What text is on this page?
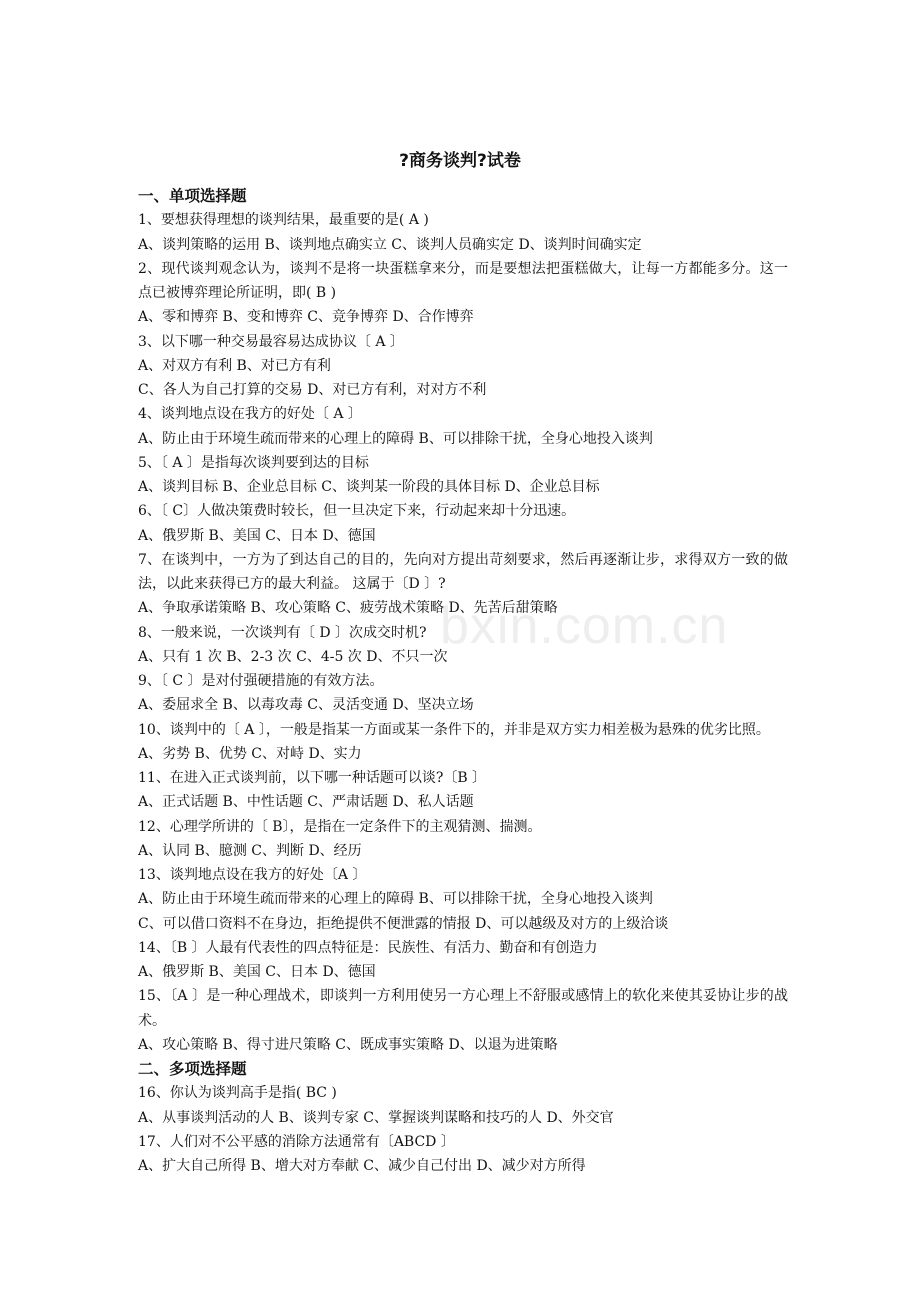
?商务谈判?试卷
bxin.com.cn
一、单项选择题
1、要想获得理想的谈判结果，最重要的是( A )
A、谈判策略的运用 B、谈判地点确实立 C、谈判人员确实定 D、谈判时间确实定
2、现代谈判观念认为，谈判不是将一块蛋糕拿来分，而是要想法把蛋糕做大，让每一方都能多分。这一点已被博弈理论所证明，即( B )
A、零和博弈 B、变和博弈 C、竞争博弈 D、合作博弈
3、以下哪一种交易最容易达成协议〔 A 〕
A、对双方有利 B、对已方有利
C、各人为自己打算的交易 D、对已方有利，对对方不利
4、谈判地点设在我方的好处〔 A 〕
A、防止由于环境生疏而带来的心理上的障碍 B、可以排除干扰，全身心地投入谈判
5、〔 A 〕是指每次谈判要到达的目标
A、谈判目标 B、企业总目标 C、谈判某一阶段的具体目标 D、企业总目标
6、〔 C〕人做决策费时较长，但一旦决定下来，行动起来却十分迅速。
A、俄罗斯 B、美国 C、日本 D、德国
7、在谈判中，一方为了到达自己的目的，先向对方提出苛刻要求，然后再逐渐让步，求得双方一致的做法，以此来获得已方的最大利益。 这属于〔D 〕?
A、争取承诺策略 B、攻心策略 C、疲劳战术策略 D、先苦后甜策略
8、一般来说，一次谈判有〔 D 〕次成交时机?
A、只有 1 次 B、2-3 次 C、4-5 次 D、不只一次
9、〔 C 〕是对付强硬措施的有效方法。
A、委屈求全 B、以毒攻毒 C、灵活变通 D、坚决立场
10、谈判中的〔 A 〕，一般是指某一方面或某一条件下的，并非是双方实力相差极为悬殊的优劣比照。
A、劣势 B、优势 C、对峙 D、实力
11、在进入正式谈判前，以下哪一种话题可以谈?〔B 〕
A、正式话题 B、中性话题 C、严肃话题 D、私人话题
12、心理学所讲的〔 B〕，是指在一定条件下的主观猜测、揣测。
A、认同 B、臆测 C、判断 D、经历
13、谈判地点设在我方的好处〔A 〕
A、防止由于环境生疏而带来的心理上的障碍 B、可以排除干扰，全身心地投入谈判
C、可以借口资料不在身边，拒绝提供不便泄露的情报 D、可以越级及对方的上级洽谈
14、〔B 〕人最有代表性的四点特征是：民族性、有活力、勤奋和有创造力
A、俄罗斯 B、美国 C、日本 D、德国
15、〔A 〕是一种心理战术，即谈判一方利用使另一方心理上不舒服或感情上的软化来使其妥协让步的战术。
A、攻心策略 B、得寸进尺策略 C、既成事实策略 D、以退为进策略
二、多项选择题
16、你认为谈判高手是指( BC )
A、从事谈判活动的人 B、谈判专家 C、掌握谈判谋略和技巧的人 D、外交官
17、人们对不公平感的消除方法通常有〔ABCD 〕
A、扩大自己所得 B、增大对方奉献 C、减少自己付出 D、减少对方所得
